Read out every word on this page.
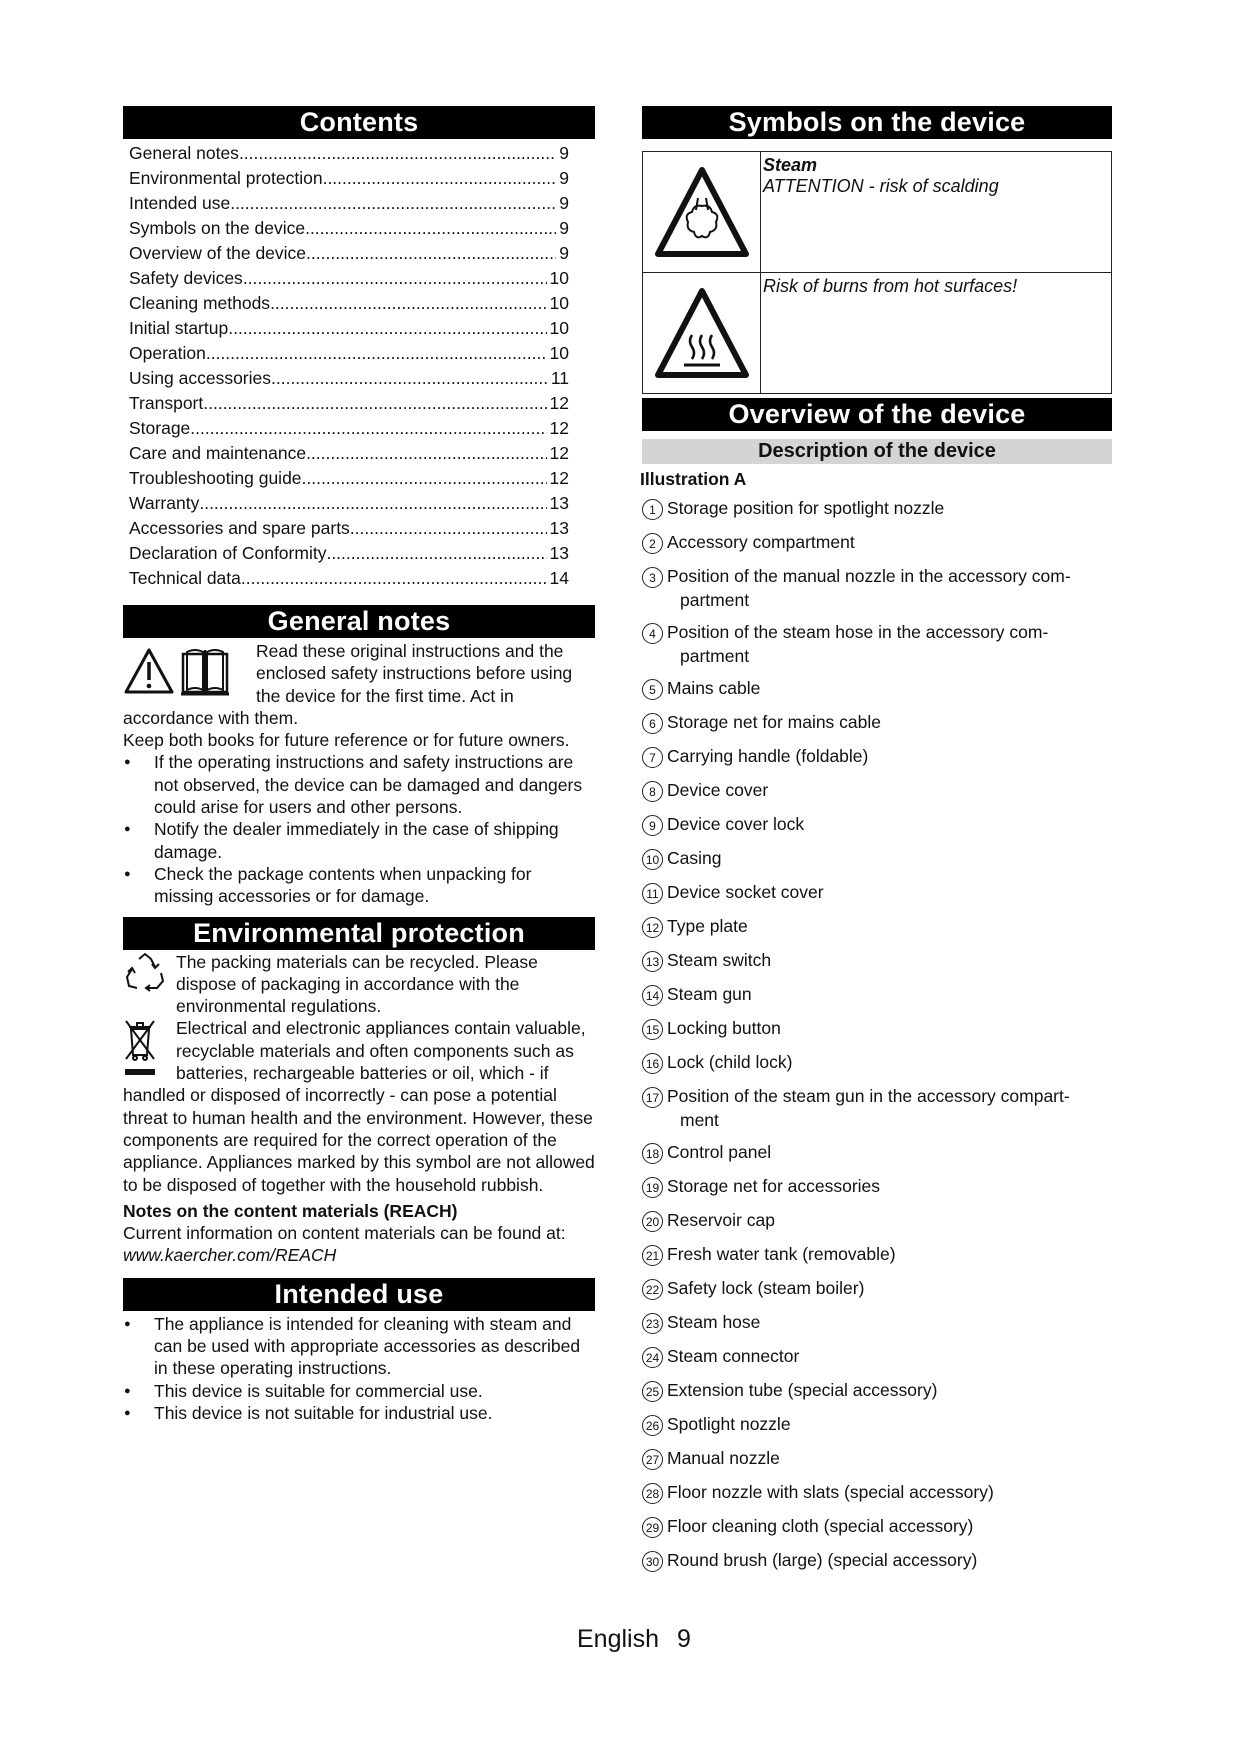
Contents
General notes .....	9
Environmental protection .....	9
Intended use .....	9
Symbols on the device .....	9
Overview of the device .....	9
Safety devices .....	10
Cleaning methods .....	10
Initial startup .....	10
Operation .....	10
Using accessories .....	11
Transport .....	12
Storage .....	12
Care and maintenance .....	12
Troubleshooting guide .....	12
Warranty .....	13
Accessories and spare parts .....	13
Declaration of Conformity .....	13
Technical data .....	14
General notes
Read these original instructions and the enclosed safety instructions before using the device for the first time. Act in accordance with them.
Keep both books for future reference or for future owners.
● If the operating instructions and safety instructions are not observed, the device can be damaged and dangers could arise for users and other persons.
● Notify the dealer immediately in the case of shipping damage.
● Check the package contents when unpacking for missing accessories or for damage.
Environmental protection
The packing materials can be recycled. Please dispose of packaging in accordance with the environmental regulations.
Electrical and electronic appliances contain valuable, recyclable materials and often components such as batteries, rechargeable batteries or oil, which - if handled or disposed of incorrectly - can pose a potential threat to human health and the environment. However, these components are required for the correct operation of the appliance. Appliances marked by this symbol are not allowed to be disposed of together with the household rubbish.
Notes on the content materials (REACH)
Current information on content materials can be found at: www.kaercher.com/REACH
Intended use
● The appliance is intended for cleaning with steam and can be used with appropriate accessories as described in these operating instructions.
● This device is suitable for commercial use.
● This device is not suitable for industrial use.
Symbols on the device
Steam
ATTENTION - risk of scalding
Risk of burns from hot surfaces!
Overview of the device
Description of the device
Illustration A
1 Storage position for spotlight nozzle
2 Accessory compartment
3 Position of the manual nozzle in the accessory com-
partment
4 Position of the steam hose in the accessory com-
partment
5 Mains cable
6 Storage net for mains cable
7 Carrying handle (foldable)
8 Device cover
9 Device cover lock
10 Casing
11 Device socket cover
12 Type plate
13 Steam switch
14 Steam gun
15 Locking button
16 Lock (child lock)
17 Position of the steam gun in the accessory compart-
ment
18 Control panel
19 Storage net for accessories
20 Reservoir cap
21 Fresh water tank (removable)
22 Safety lock (steam boiler)
23 Steam hose
24 Steam connector
25 Extension tube (special accessory)
26 Spotlight nozzle
27 Manual nozzle
28 Floor nozzle with slats (special accessory)
29 Floor cleaning cloth (special accessory)
30 Round brush (large) (special accessory)
English 9
